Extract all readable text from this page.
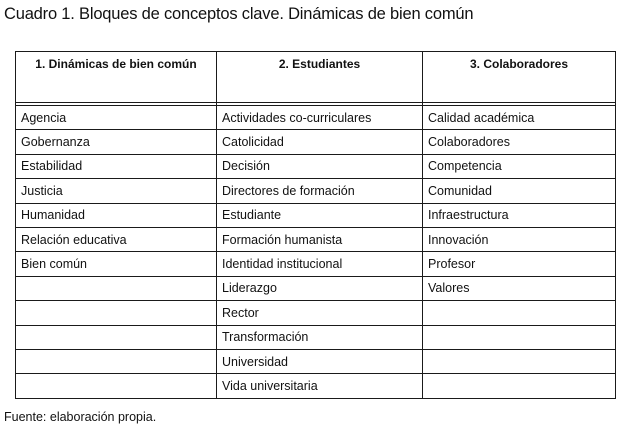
Cuadro 1. Bloques de conceptos clave. Dinámicas de bien común
1. Dinámicas de bien común	2. Estudiantes	3. Colaboradores

Agencia	Actividades co-curriculares	Calidad académica
Gobernanza	Catolicidad	Colaboradores
Estabilidad	Decisión	Competencia
Justicia	Directores de formación	Comunidad
Humanidad	Estudiante	Infraestructura
Relación educativa	Formación humanista	Innovación
Bien común	Identidad institucional	Profesor
	Liderazgo	Valores
	Rector	
	Transformación	
	Universidad	
	Vida universitaria	
Fuente: elaboración propia.
